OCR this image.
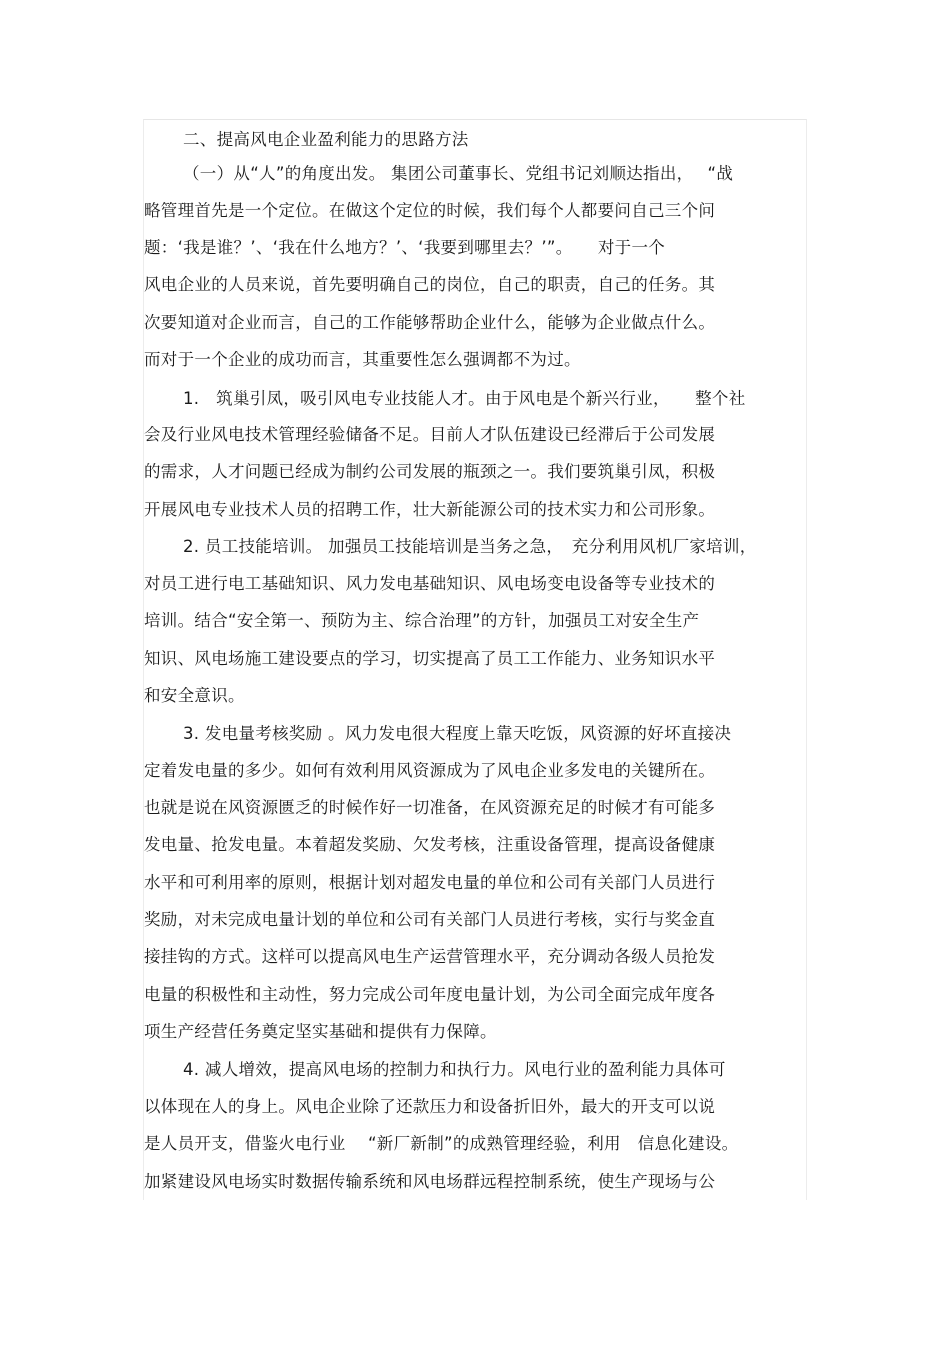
二、提高风电企业盈利能力的思路方法
（一）从“人”的角度出发。 集团公司董事长、党组书记刘顺达指出，　 “战
略管理首先是一个定位。在做这个定位的时候，我们每个人都要问自己三个问
题：‘我是谁？’、‘我在什么地方？’、‘我要到哪里去？’”。　　对于一个
风电企业的人员来说，首先要明确自己的岗位，自己的职责，自己的任务。其
次要知道对企业而言，自己的工作能够帮助企业什么，能够为企业做点什么。
而对于一个企业的成功而言，其重要性怎么强调都不为过。
1.　筑巢引凤，吸引风电专业技能人才。由于风电是个新兴行业，　　整个社
会及行业风电技术管理经验储备不足。目前人才队伍建设已经滞后于公司发展
的需求，人才问题已经成为制约公司发展的瓶颈之一。我们要筑巢引凤，积极
开展风电专业技术人员的招聘工作，壮大新能源公司的技术实力和公司形象。
2. 员工技能培训。 加强员工技能培训是当务之急，　充分利用风机厂家培训，
对员工进行电工基础知识、风力发电基础知识、风电场变电设备等专业技术的
培训。结合“安全第一、预防为主、综合治理”的方针，加强员工对安全生产
知识、风电场施工建设要点的学习，切实提高了员工工作能力、业务知识水平
和安全意识。
3. 发电量考核奖励 。风力发电很大程度上靠天吃饭，风资源的好坏直接决
定着发电量的多少。如何有效利用风资源成为了风电企业多发电的关键所在。
也就是说在风资源匮乏的时候作好一切准备，在风资源充足的时候才有可能多
发电量、抢发电量。本着超发奖励、欠发考核，注重设备管理，提高设备健康
水平和可利用率的原则，根据计划对超发电量的单位和公司有关部门人员进行
奖励，对未完成电量计划的单位和公司有关部门人员进行考核，实行与奖金直
接挂钩的方式。这样可以提高风电生产运营管理水平，充分调动各级人员抢发
电量的积极性和主动性，努力完成公司年度电量计划，为公司全面完成年度各
项生产经营任务奠定坚实基础和提供有力保障。
4. 减人增效，提高风电场的控制力和执行力。风电行业的盈利能力具体可
以体现在人的身上。风电企业除了还款压力和设备折旧外，最大的开支可以说
是人员开支，借鉴火电行业　 “新厂新制”的成熟管理经验，利用　信息化建设。
加紧建设风电场实时数据传输系统和风电场群远程控制系统，使生产现场与公
